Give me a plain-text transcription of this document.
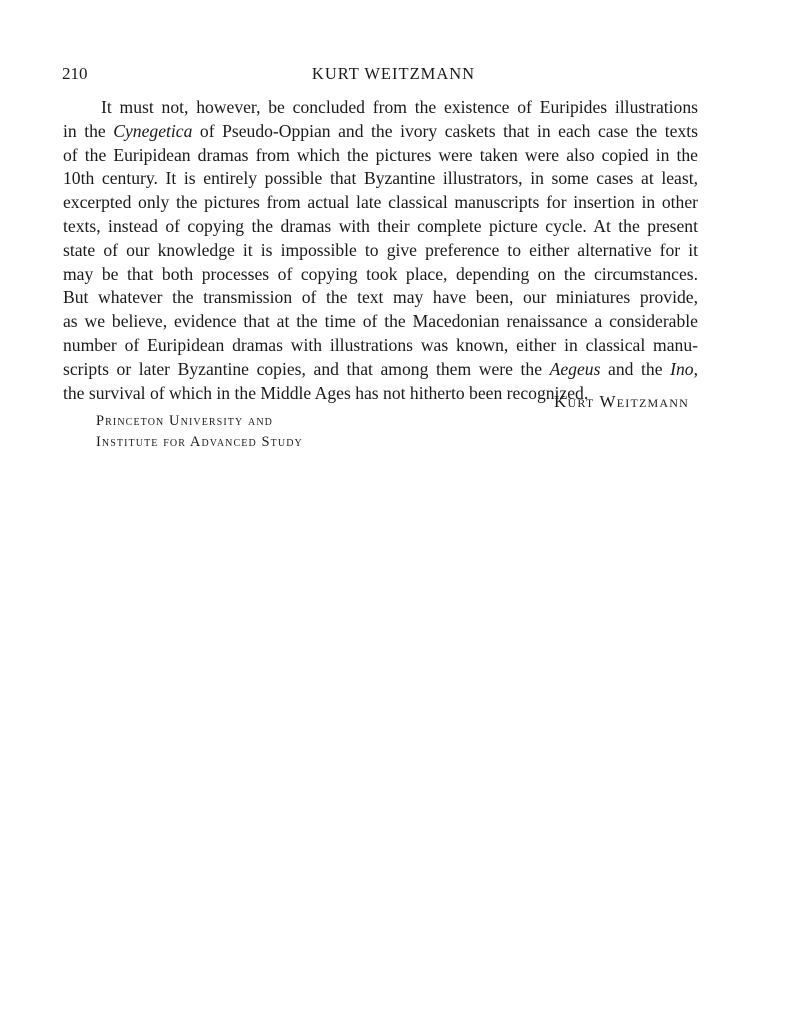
210	KURT WEITZMANN

It must not, however, be concluded from the existence of Euripides illustrations
in the Cynegetica of Pseudo-Oppian and the ivory caskets that in each case the texts
of the Euripidean dramas from which the pictures were taken were also copied in the
10th century. It is entirely possible that Byzantine illustrators, in some cases at least,
excerpted only the pictures from actual late classical manuscripts for insertion in other
texts, instead of copying the dramas with their complete picture cycle. At the present
state of our knowledge it is impossible to give preference to either alternative for it
may be that both processes of copying took place, depending on the circumstances.
But whatever the transmission of the text may have been, our miniatures provide,
as we believe, evidence that at the time of the Macedonian renaissance a considerable
number of Euripidean dramas with illustrations was known, either in classical manu-
scripts or later Byzantine copies, and that among them were the Aegeus and the Ino,
the survival of which in the Middle Ages has not hitherto been recognized.

Kurt Weitzmann
Princeton University and
Institute for Advanced Study
